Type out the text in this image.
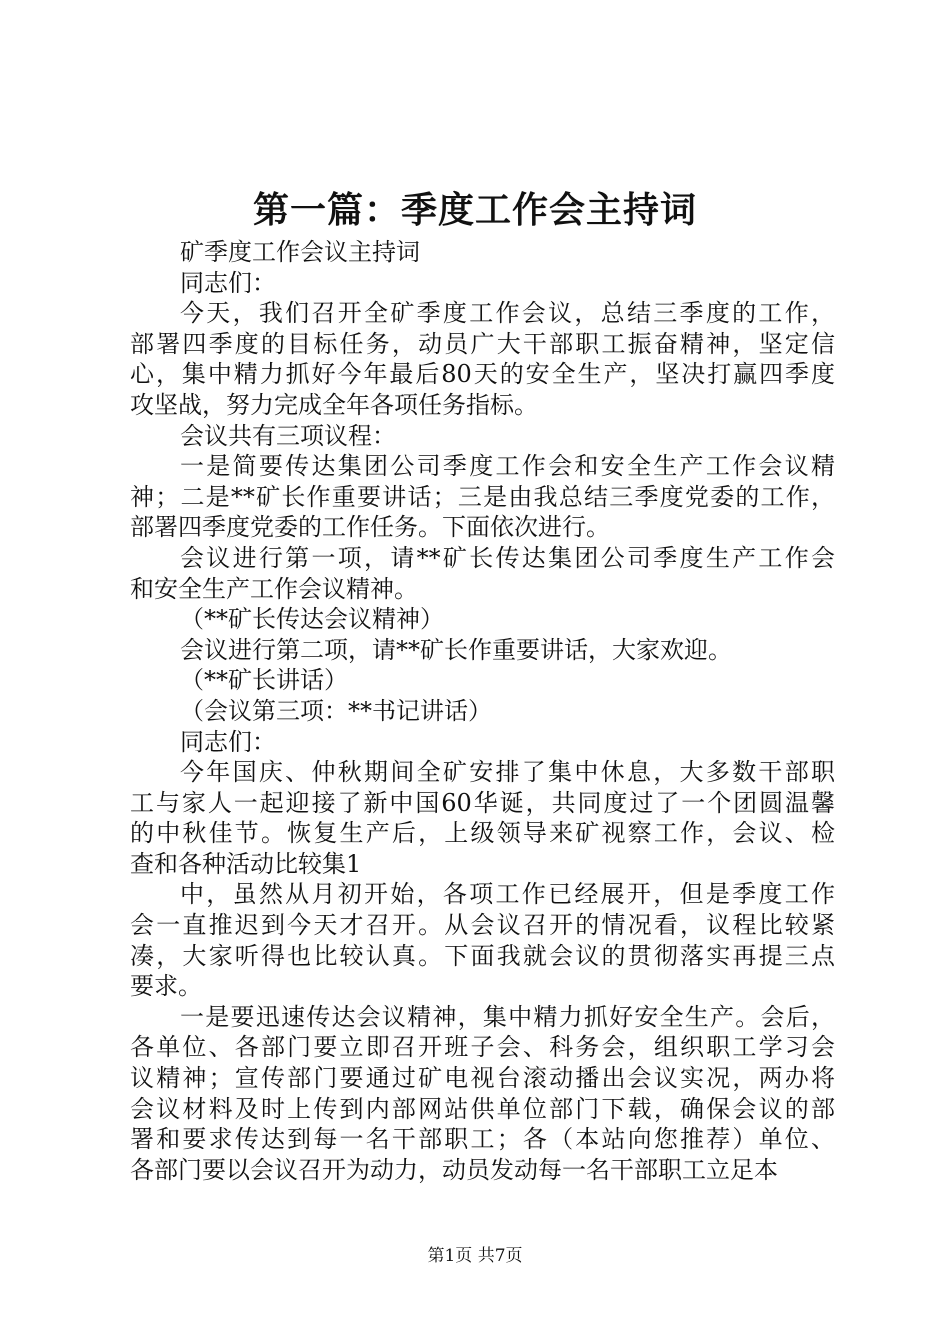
第一篇：季度工作会主持词

矿季度工作会议主持词

同志们：

今天，我们召开全矿季度工作会议，总结三季度的工作，
部署四季度的目标任务，动员广大干部职工振奋精神，坚定信
心，集中精力抓好今年最后80天的安全生产，坚决打赢四季度
攻坚战，努力完成全年各项任务指标。

会议共有三项议程：

一是简要传达集团公司季度工作会和安全生产工作会议精
神；二是**矿长作重要讲话；三是由我总结三季度党委的工作，
部署四季度党委的工作任务。下面依次进行。

会议进行第一项，请**矿长传达集团公司季度生产工作会
和安全生产工作会议精神。

（**矿长传达会议精神）

会议进行第二项，请**矿长作重要讲话，大家欢迎。

（**矿长讲话）

（会议第三项：**书记讲话）

同志们：

今年国庆、仲秋期间全矿安排了集中休息，大多数干部职
工与家人一起迎接了新中国60华诞，共同度过了一个团圆温馨
的中秋佳节。恢复生产后，上级领导来矿视察工作，会议、检
查和各种活动比较集1

中，虽然从月初开始，各项工作已经展开，但是季度工作
会一直推迟到今天才召开。从会议召开的情况看，议程比较紧
凑，大家听得也比较认真。下面我就会议的贯彻落实再提三点
要求。

一是要迅速传达会议精神，集中精力抓好安全生产。会后，
各单位、各部门要立即召开班子会、科务会，组织职工学习会
议精神；宣传部门要通过矿电视台滚动播出会议实况，两办将
会议材料及时上传到内部网站供单位部门下载，确保会议的部
署和要求传达到每一名干部职工；各（本站向您推荐）单位、
各部门要以会议召开为动力，动员发动每一名干部职工立足本

第1页 共7页
